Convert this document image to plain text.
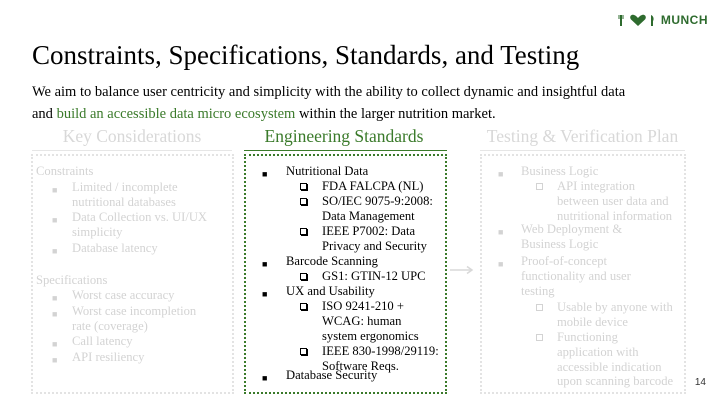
MUNCH
Constraints, Specifications, Standards, and Testing
We aim to balance user centricity and simplicity with the ability to collect dynamic and insightful data
and build an accessible data micro ecosystem within the larger nutrition market.
Key Considerations	Engineering Standards	Testing & Verification Plan
Constraints
■ Limited / incomplete
nutritional databases
■ Data Collection vs. UI/UX
simplicity
■ Database latency
Specifications
■ Worst case accuracy
■ Worst case incompletion
rate (coverage)
■ Call latency
■ API resiliency
■ Nutritional Data
FDA FALCPA (NL)
SO/IEC 9075-9:2008:
Data Management
IEEE P7002: Data
Privacy and Security
■ Barcode Scanning
GS1: GTIN-12 UPC
■ UX and Usability
ISO 9241-210 +
WCAG: human
system ergonomics
IEEE 830-1998/29119:
Software Reqs.
■ Database Security
■ Business Logic
API integration
between user data and
nutritional information
■ Web Deployment &
Business Logic
■ Proof-of-concept
functionality and user
testing
Usable by anyone with
mobile device
Functioning
application with
accessible indication
upon scanning barcode 14
